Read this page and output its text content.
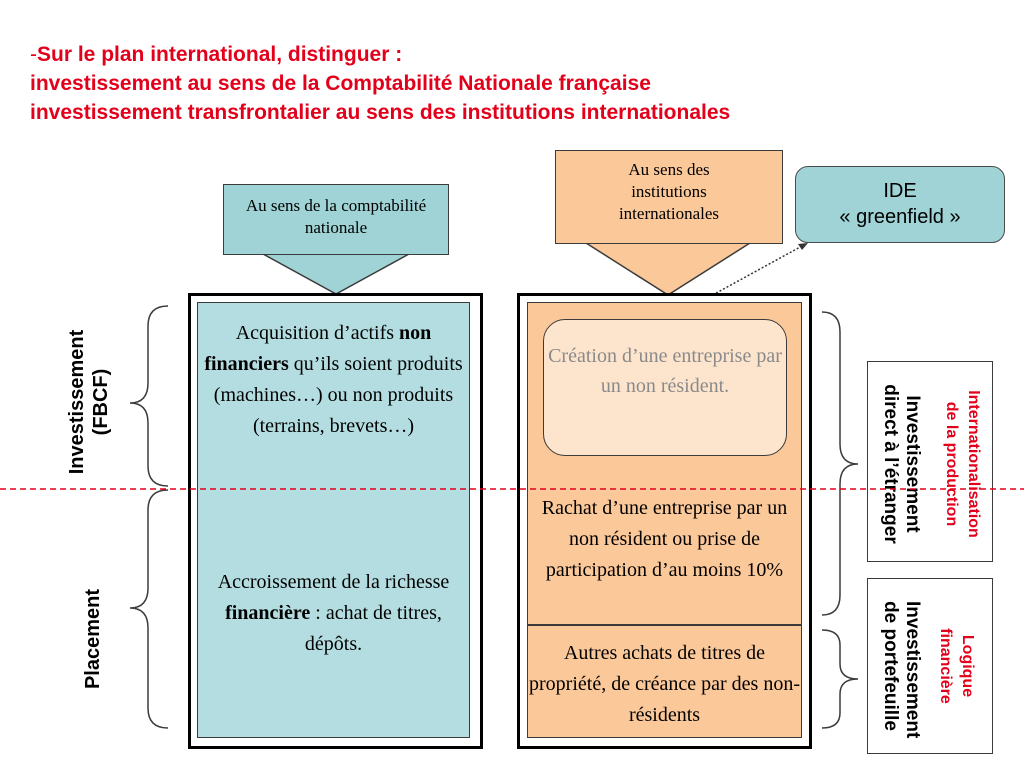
-Sur le plan international, distinguer :
investissement au sens de la Comptabilité Nationale française
investissement transfrontalier au sens des institutions internationales
Au sens de la comptabilité nationale
Au sens des
institutions
internationales
IDE
« greenfield »
Acquisition d’actifs non financiers qu’ils soient produits (machines…) ou non produits (terrains, brevets…)
Accroissement de la richesse financière : achat de titres, dépôts.
Création d’une entreprise par un non résident.
Rachat d’une entreprise par un non résident ou prise de participation d’au moins 10%
Autres achats de titres de propriété, de créance par des non-résidents
Investissement (FBCF)
Placement
Investissement
direct à l’étranger	Internationalisation
de la production
Investissement
de portefeuille	Logique
financière
